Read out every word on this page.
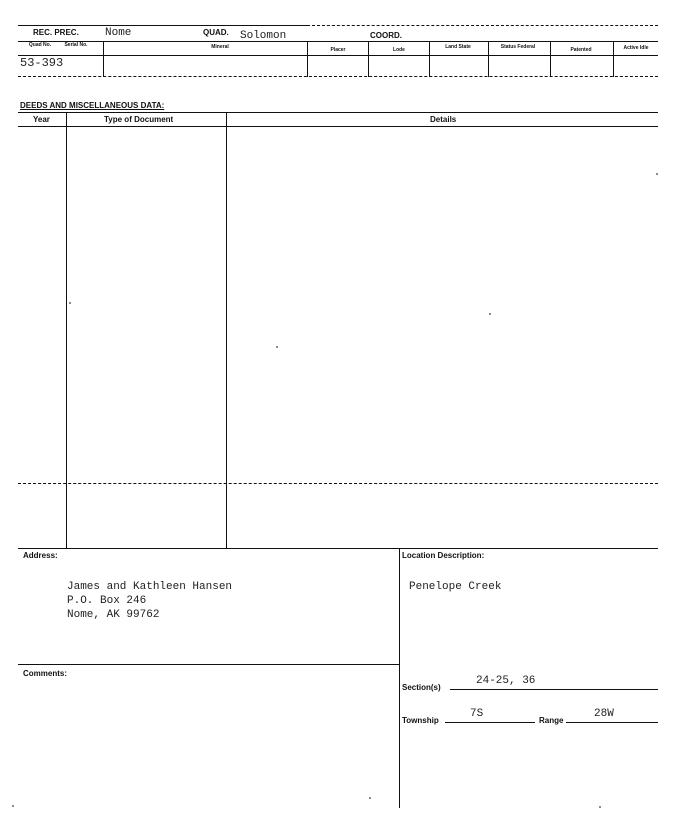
REC. PREC. Nome	QUAD. Solomon	COORD.
Quad No.	Serial No.	Mineral	Placer	Lode	Land State	Status Federal	Patented	Active Idle
53-393
DEEDS AND MISCELLANEOUS DATA:
Year	Type of Document	Details
Address:
James and Kathleen Hansen
P.O. Box 246
Nome, AK 99762
Location Description:
Penelope Creek
Comments:
Section(s)
24-25, 36
Township
7S
Range
28W
